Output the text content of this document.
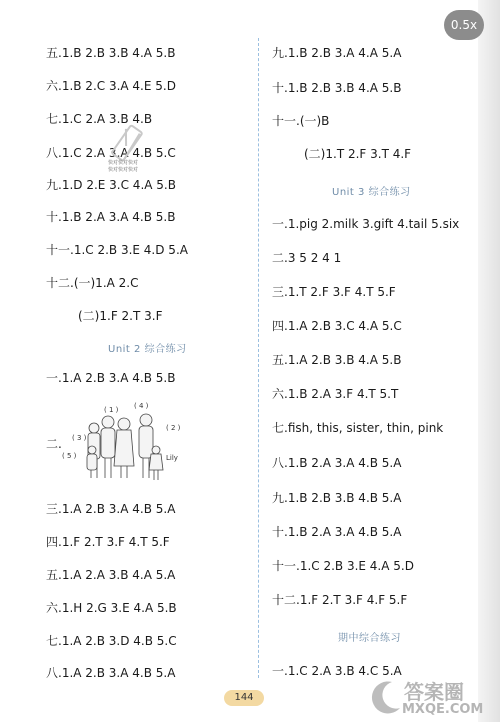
五.1.B 2.B 3.B 4.A 5.B
六.1.B 2.C 3.A 4.E 5.D
七.1.C 2.A 3.B 4.B
八.1.C 2.A 3.A 4.B 5.C
九.1.D 2.E 3.C 4.A 5.B
十.1.B 2.A 3.A 4.B 5.B
十一.1.C 2.B 3.E 4.D 5.A
十二.(一)1.A 2.C
(二)1.F 2.T 3.F
Unit 2 综合练习
一.1.A 2.B 3.A 4.B 5.B
二.
三.1.A 2.B 3.A 4.B 5.A
四.1.F 2.T 3.F 4.T 5.F
五.1.A 2.A 3.B 4.A 5.A
六.1.H 2.G 3.E 4.A 5.B
七.1.A 2.B 3.D 4.B 5.C
八.1.A 2.B 3.A 4.B 5.A
九.1.B 2.B 3.A 4.A 5.A
十.1.B 2.B 3.B 4.A 5.B
十一.(一)B
(二)1.T 2.F 3.T 4.F
Unit 3 综合练习
一.1.pig 2.milk 3.gift 4.tail 5.six
二.3 5 2 4 1
三.1.T 2.F 3.F 4.T 5.F
四.1.A 2.B 3.C 4.A 5.C
五.1.A 2.B 3.B 4.A 5.B
六.1.B 2.A 3.F 4.T 5.T
七.fish, this, sister, thin, pink
八.1.B 2.A 3.A 4.B 5.A
九.1.B 2.B 3.B 4.B 5.A
十.1.B 2.A 3.A 4.B 5.A
十一.1.C 2.B 3.E 4.A 5.D
十二.1.F 2.T 3.F 4.F 5.F
期中综合练习
一.1.C 2.A 3.B 4.C 5.A
0.5x
快对快对快对
快对快对快对
( 1 ) ( 4 )
( 2 )
( 3 )
( 5 )	Lily
144	答案圈
MXQE.COM
